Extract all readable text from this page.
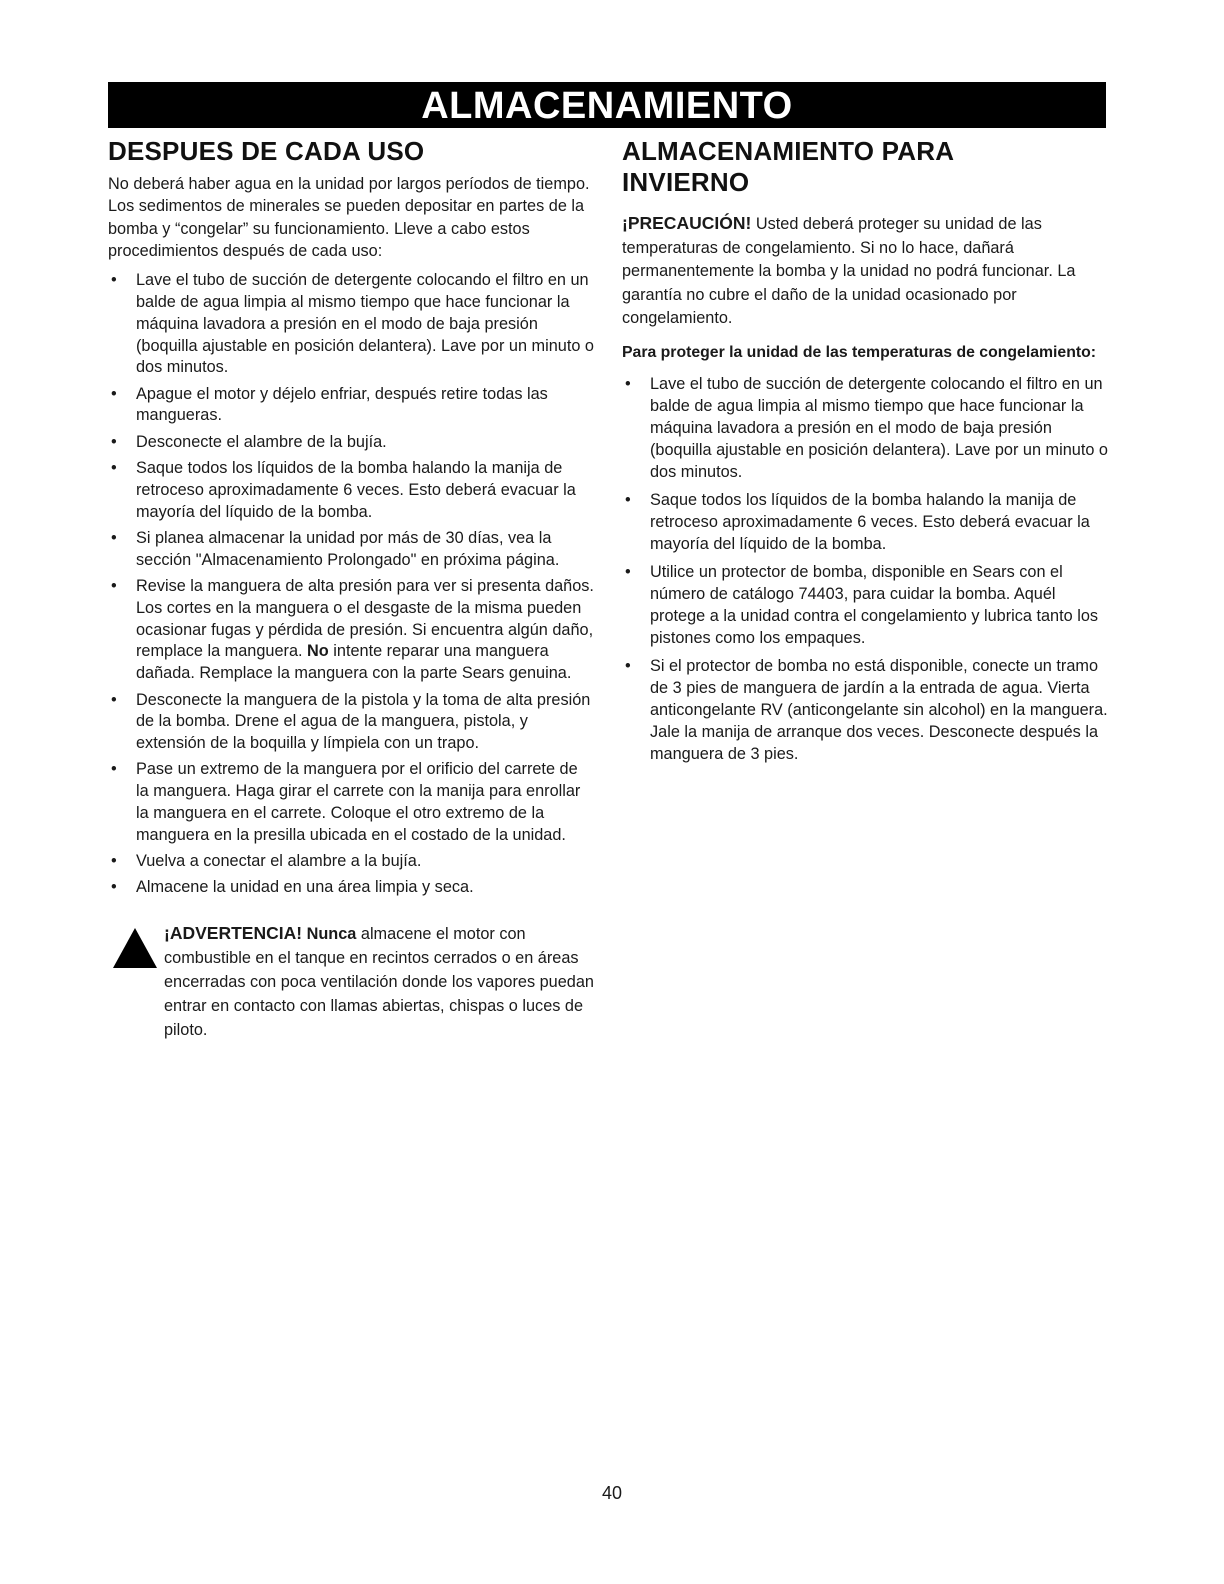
ALMACENAMIENTO
DESPUES DE CADA USO

No deberá haber agua en la unidad por largos períodos de tiempo. Los sedimentos de minerales se pueden depositar en partes de la bomba y “congelar” su funcionamiento. Lleve a cabo estos procedimientos después de cada uso:

• Lave el tubo de succión de detergente colocando el filtro en un balde de agua limpia al mismo tiempo que hace funcionar la máquina lavadora a presión en el modo de baja presión (boquilla ajustable en posición delantera). Lave por un minuto o dos minutos.
• Apague el motor y déjelo enfriar, después retire todas las mangueras.
• Desconecte el alambre de la bujía.
• Saque todos los líquidos de la bomba halando la manija de retroceso aproximadamente 6 veces. Esto deberá evacuar la mayoría del líquido de la bomba.
• Si planea almacenar la unidad por más de 30 días, vea la sección "Almacenamiento Prolongado" en próxima página.
• Revise la manguera de alta presión para ver si presenta daños. Los cortes en la manguera o el desgaste de la misma pueden ocasionar fugas y pérdida de presión. Si encuentra algún daño, remplace la manguera. No intente reparar una manguera dañada. Remplace la manguera con la parte Sears genuina.
• Desconecte la manguera de la pistola y la toma de alta presión de la bomba. Drene el agua de la manguera, pistola, y extensión de la boquilla y límpiela con un trapo.
• Pase un extremo de la manguera por el orificio del carrete de la manguera. Haga girar el carrete con la manija para enrollar la manguera en el carrete. Coloque el otro extremo de la manguera en la presilla ubicada en el costado de la unidad.
• Vuelva a conectar el alambre a la bujía.
• Almacene la unidad en una área limpia y seca.

¡ADVERTENCIA! Nunca almacene el motor con combustible en el tanque en recintos cerrados o en áreas encerradas con poca ventilación donde los vapores puedan entrar en contacto con llamas abiertas, chispas o luces de piloto.

ALMACENAMIENTO PARA
INVIERNO

¡PRECAUCIÓN! Usted deberá proteger su unidad de las temperaturas de congelamiento. Si no lo hace, dañará permanentemente la bomba y la unidad no podrá funcionar. La garantía no cubre el daño de la unidad ocasionado por congelamiento.

Para proteger la unidad de las temperaturas de congelamiento:

• Lave el tubo de succión de detergente colocando el filtro en un balde de agua limpia al mismo tiempo que hace funcionar la máquina lavadora a presión en el modo de baja presión (boquilla ajustable en posición delantera). Lave por un minuto o dos minutos.
• Saque todos los líquidos de la bomba halando la manija de retroceso aproximadamente 6 veces. Esto deberá evacuar la mayoría del líquido de la bomba.
• Utilice un protector de bomba, disponible en Sears con el número de catálogo 74403, para cuidar la bomba. Aquél protege a la unidad contra el congelamiento y lubrica tanto los pistones como los empaques.
• Si el protector de bomba no está disponible, conecte un tramo de 3 pies de manguera de jardín a la entrada de agua. Vierta anticongelante RV (anticongelante sin alcohol) en la manguera. Jale la manija de arranque dos veces. Desconecte después la manguera de 3 pies.
40
